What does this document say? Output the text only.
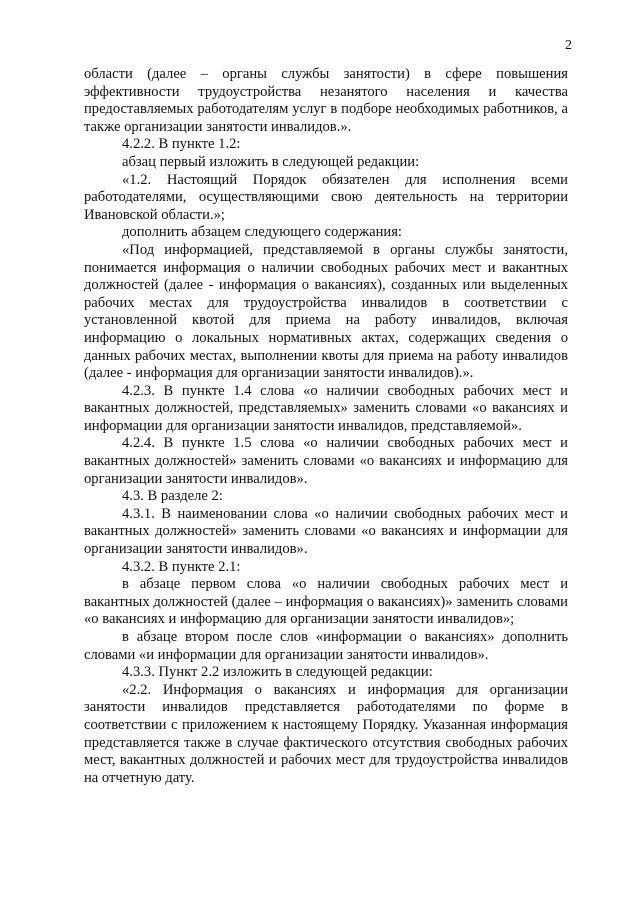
2

области (далее – органы службы занятости) в сфере повышения эффективности трудоустройства незанятого населения и качества предоставляемых работодателям услуг в подборе необходимых работников, а также организации занятости инвалидов.».

4.2.2. В пункте 1.2:

абзац первый изложить в следующей редакции:

«1.2. Настоящий Порядок обязателен для исполнения всеми работодателями, осуществляющими свою деятельность на территории Ивановской области.»;

дополнить абзацем следующего содержания:

«Под информацией, представляемой в органы службы занятости, понимается информация о наличии свободных рабочих мест и вакантных должностей (далее - информация о вакансиях), созданных или выделенных рабочих местах для трудоустройства инвалидов в соответствии с установленной квотой для приема на работу инвалидов, включая информацию о локальных нормативных актах, содержащих сведения о данных рабочих местах, выполнении квоты для приема на работу инвалидов (далее - информация для организации занятости инвалидов).».

4.2.3. В пункте 1.4 слова «о наличии свободных рабочих мест и вакантных должностей, представляемых» заменить словами «о вакансиях и информации для организации занятости инвалидов, представляемой».

4.2.4. В пункте 1.5 слова «о наличии свободных рабочих мест и вакантных должностей» заменить словами «о вакансиях и информацию для организации занятости инвалидов».

4.3. В разделе 2:

4.3.1. В наименовании слова «о наличии свободных рабочих мест и вакантных должностей» заменить словами «о вакансиях и информации для организации занятости инвалидов».

4.3.2. В пункте 2.1:

в абзаце первом слова «о наличии свободных рабочих мест и вакантных должностей (далее – информация о вакансиях)» заменить словами «о вакансиях и информацию для организации занятости инвалидов»;

в абзаце втором после слов «информации о вакансиях» дополнить словами «и информации для организации занятости инвалидов».

4.3.3. Пункт 2.2 изложить в следующей редакции:

«2.2. Информация о вакансиях и информация для организации занятости инвалидов представляется работодателями по форме в соответствии с приложением к настоящему Порядку. Указанная информация представляется также в случае фактического отсутствия свободных рабочих мест, вакантных должностей и рабочих мест для трудоустройства инвалидов на отчетную дату.
